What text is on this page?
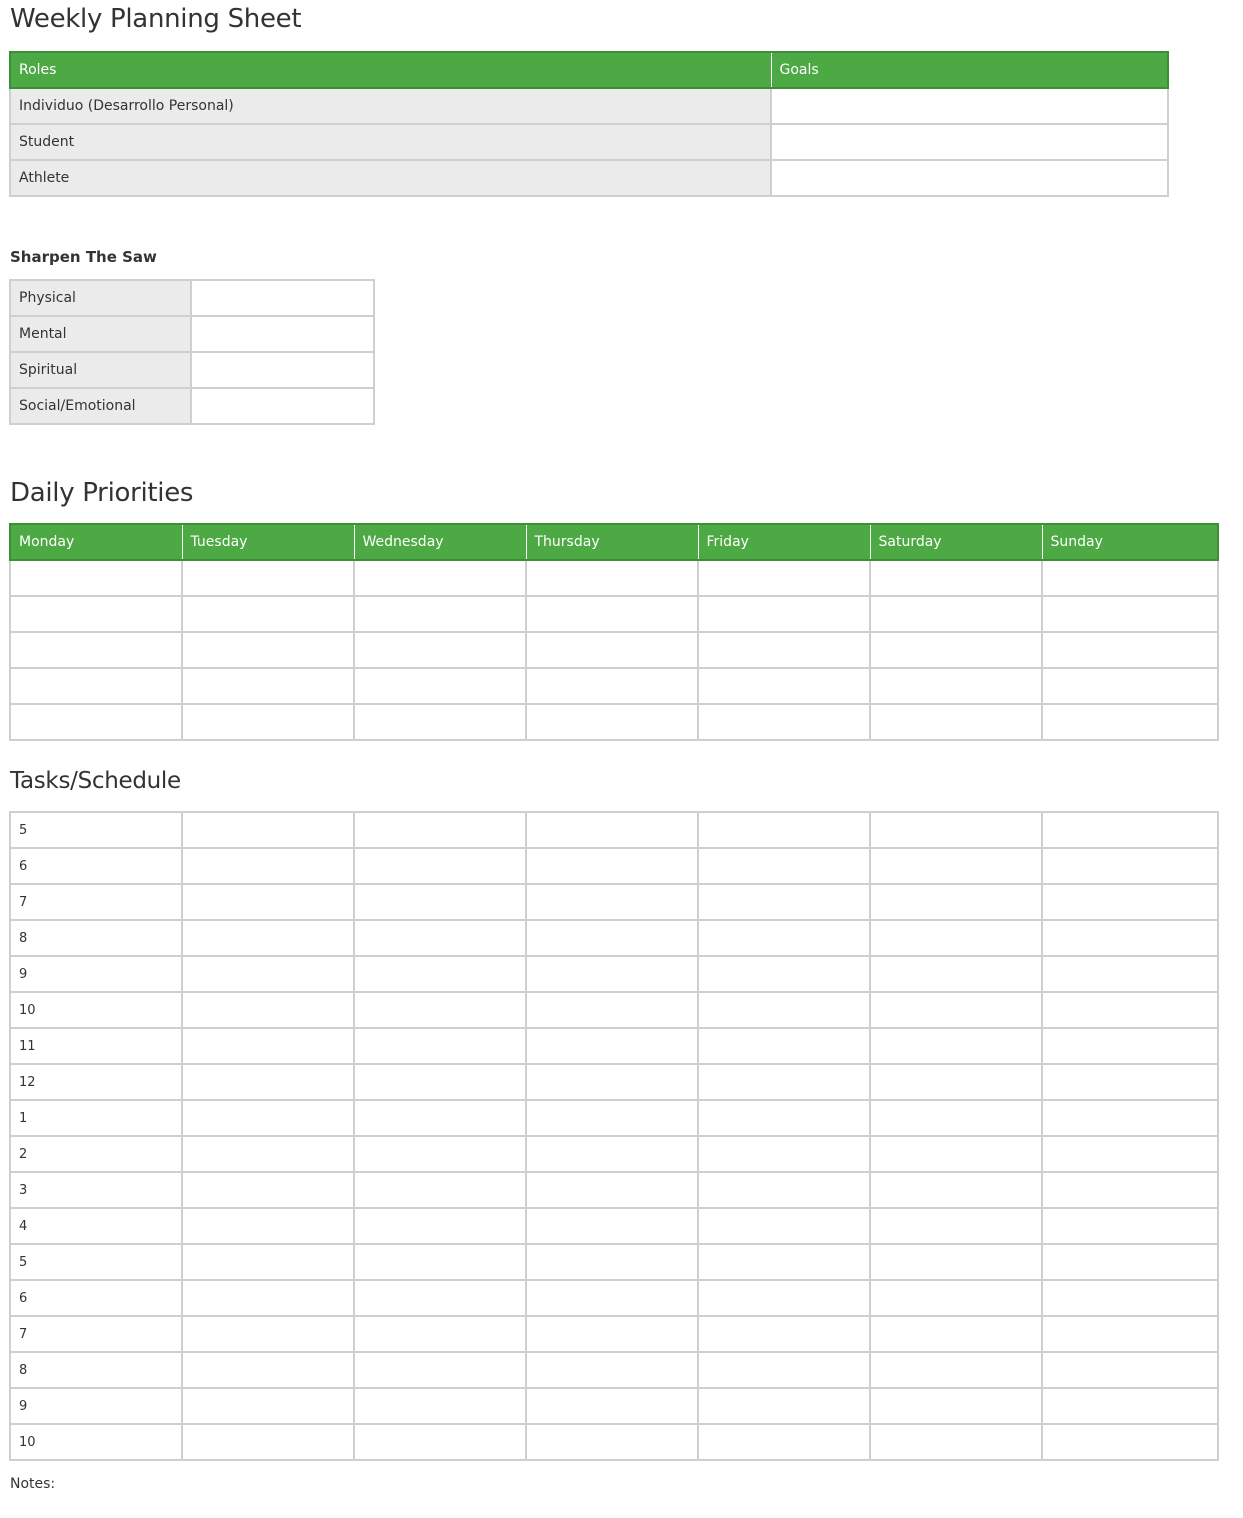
Weekly Planning Sheet
Roles	Goals
Individuo (Desarrollo Personal)	
Student	
Athlete	
Sharpen The Saw
Physical	
Mental	
Spiritual	
Social/Emotional	
Daily Priorities
Monday	Tuesday	Wednesday	Thursday	Friday	Saturday	Sunday

Tasks/Schedule
5						
6						
7						
8						
9						
10						
11						
12						
1						
2						
3						
4						
5						
6						
7						
8						
9						
10						
Notes:
